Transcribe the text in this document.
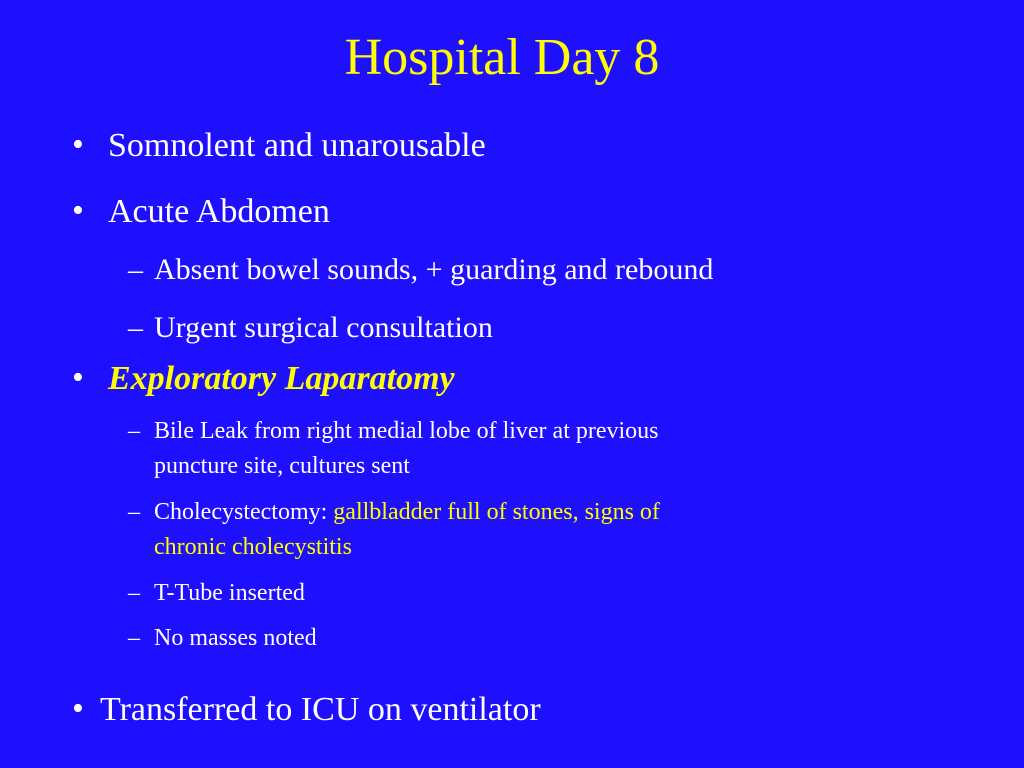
Hospital Day 8
• Somnolent and unarousable
• Acute Abdomen
– Absent bowel sounds, + guarding and rebound
– Urgent surgical consultation
• Exploratory Laparatomy
– Bile Leak from right medial lobe of liver at previous
puncture site, cultures sent
– Cholecystectomy: gallbladder full of stones, signs of
chronic cholecystitis
– T-Tube inserted
– No masses noted
• Transferred to ICU on ventilator
